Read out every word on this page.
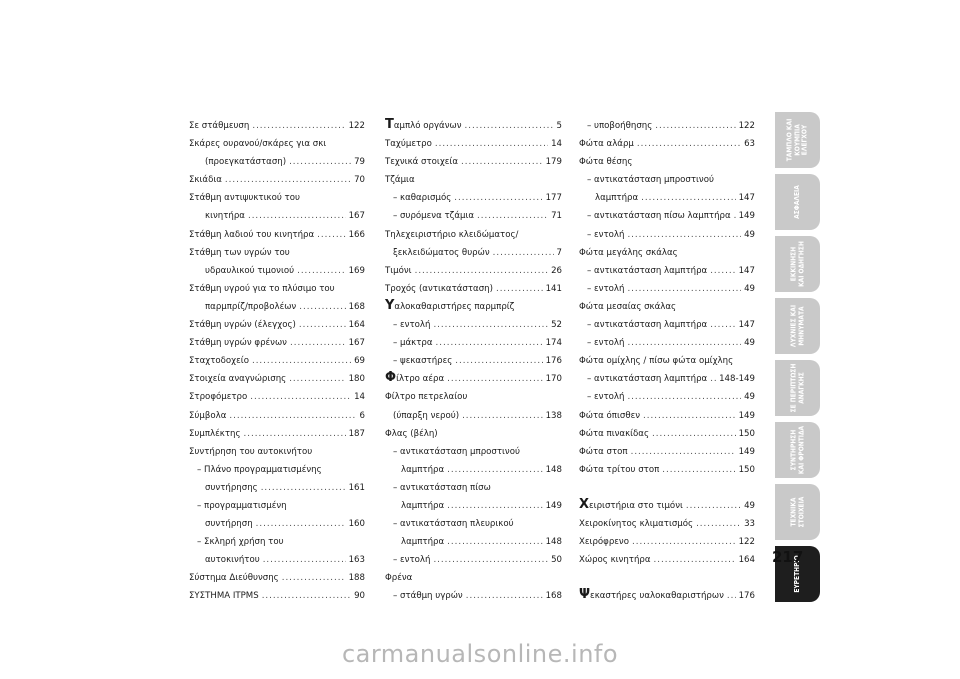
Σε στάθμευση .....	122
Σκάρες ουρανού/σκάρες για σκι
(προεγκατάσταση) .....	79
Σκιάδια .....	70
Στάθμη αντιψυκτικού του
κινητήρα .....	167
Στάθμη λαδιού του κινητήρα .....	166
Στάθμη των υγρών του
υδραυλικού τιμονιού .....	169
Στάθμη υγρού για το πλύσιμο του
παρμπρίζ/προβολέων .....	168
Στάθμη υγρών (έλεγχος) .....	164
Στάθμη υγρών φρένων .....	167
Σταχτοδοχείο .....	69
Στοιχεία αναγνώρισης .....	180
Στροφόμετρο .....	14
Σύμβολα .....	6
Συμπλέκτης .....	187
Συντήρηση του αυτοκινήτου
– Πλάνο προγραμματισμένης
συντήρησης .....	161
– προγραμματισμένη
συντήρηση .....	160
– Σκληρή χρήση του
αυτοκινήτου .....	163
Σύστημα Διεύθυνσης .....	188
ΣΥΣΤΗΜΑ ITPMS .....	90
Ταμπλό οργάνων .....	5
Ταχύμετρο .....	14
Τεχνικά στοιχεία .....	179
Τζάμια
– καθαρισμός .....	177
– συρόμενα τζάμια .....	71
Τηλεχειριστήριο κλειδώματος/
ξεκλειδώματος θυρών .....	7
Τιμόνι .....	26
Τροχός (αντικατάσταση) .....	141
Υαλοκαθαριστήρες παρμπρίζ
– εντολή .....	52
– μάκτρα .....	174
– ψεκαστήρες .....	176
Φίλτρο αέρα .....	170
Φίλτρο πετρελαίου
(ύπαρξη νερού) .....	138
Φλας (βέλη)
– αντικατάσταση μπροστινού
λαμπτήρα .....	148
– αντικατάσταση πίσω
λαμπτήρα .....	149
– αντικατάσταση πλευρικού
λαμπτήρα .....	148
– εντολή .....	50
Φρένα
– στάθμη υγρών .....	168
– υποβοήθησης .....	122
Φώτα αλάρμ .....	63
Φώτα θέσης
– αντικατάσταση μπροστινού
λαμπτήρα .....	147
– αντικατάσταση πίσω λαμπτήρα ..... 149
– εντολή .....	49
Φώτα μεγάλης σκάλας
– αντικατάσταση λαμπτήρα .....	147
– εντολή .....	49
Φώτα μεσαίας σκάλας
– αντικατάσταση λαμπτήρα .....	147
– εντολή .....	49
Φώτα ομίχλης / πίσω φώτα ομίχλης
– αντικατάσταση λαμπτήρα ..... 148-149
– εντολή .....	49
Φώτα όπισθεν .....	149
Φώτα πινακίδας .....	150
Φώτα στοπ .....	149
Φώτα τρίτου στοπ .....	150
Χειριστήρια στο τιμόνι .....	49
Χειροκίνητος κλιματισμός .....	33
Χειρόφρενο .....	122
Χώρος κινητήρα .....	164
Ψεκαστήρες υαλοκαθαριστήρων ..... 176
ΤΑΜΠΛΟ ΚΑΙ
ΚΟΥΜΠΙΑ
ΕΛΕΓΧΟΥ
ΑΣΦΑΛΕΙΑ
ΕΚΚΙΝΗΣΗ
ΚΑΙ ΟΔΗΓΗΣΗ
ΛΥΧΝΙΕΣ ΚΑΙ
ΜΗΝΥΜΑΤΑ
ΣΕ ΠΕΡΙΠΤΩΣΗ
ΑΝΑΓΚΗΣ
ΣΥΝΤΗΡΗΣΗ
ΚΑΙ ΦΡΟΝΤΙΔΑ
ΤΕΧΝΙΚΑ
ΣΤΟΙΧΕΙΑ
ΕΥΡΕΤΗΡΙΟ
217
carmanualsonline.info
